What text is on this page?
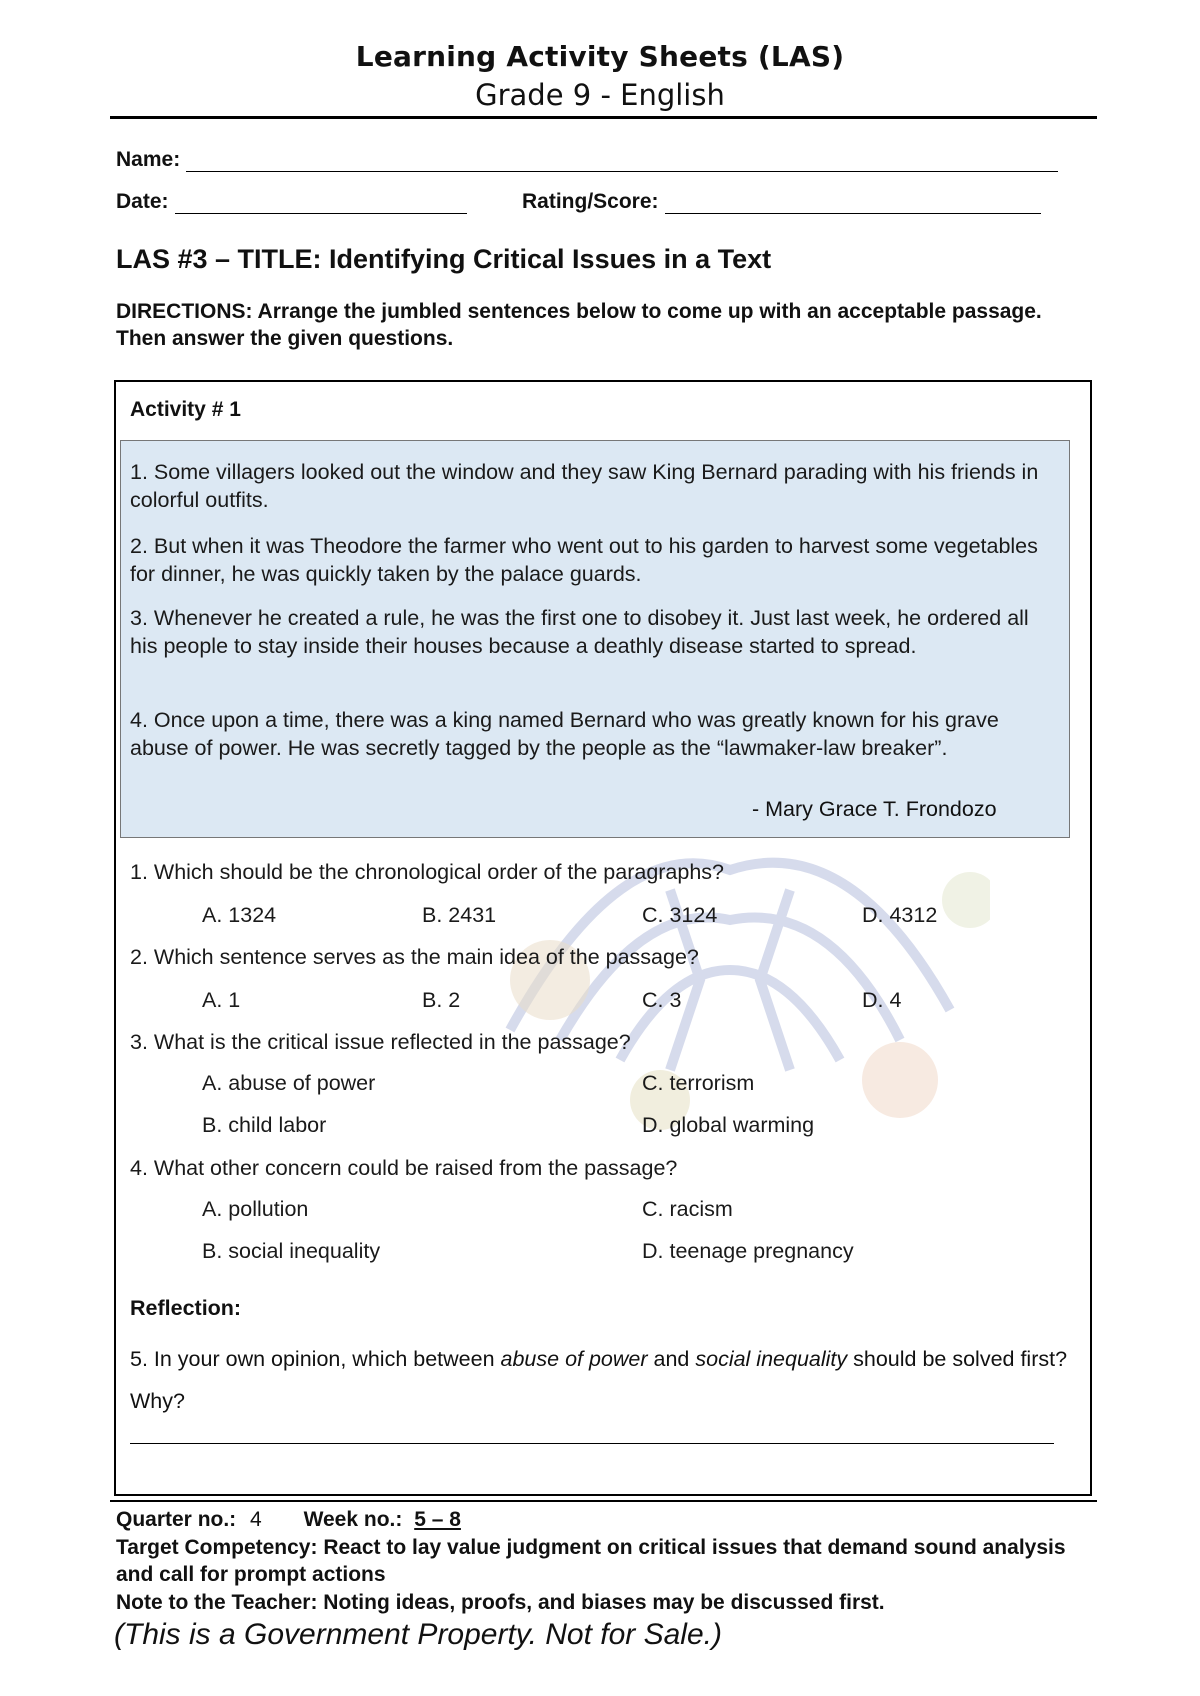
Learning Activity Sheets (LAS)
Grade 9 - English
Name:
Date:	Rating/Score:
LAS #3 – TITLE: Identifying Critical Issues in a Text
DIRECTIONS: Arrange the jumbled sentences below to come up with an acceptable passage. Then answer the given questions.
Activity # 1
1. Some villagers looked out the window and they saw King Bernard parading with his friends in colorful outfits.
2. But when it was Theodore the farmer who went out to his garden to harvest some vegetables for dinner, he was quickly taken by the palace guards.
3. Whenever he created a rule, he was the first one to disobey it. Just last week, he ordered all his people to stay inside their houses because a deathly disease started to spread.
4. Once upon a time, there was a king named Bernard who was greatly known for his grave abuse of power. He was secretly tagged by the people as the “lawmaker-law breaker”.
- Mary Grace T. Frondozo
1. Which should be the chronological order of the paragraphs?
A. 1324	B. 2431	C. 3124	D. 4312
2. Which sentence serves as the main idea of the passage?
A. 1	B. 2	C. 3	D. 4
3. What is the critical issue reflected in the passage?
A. abuse of power	C. terrorism
B. child labor	D. global warming
4. What other concern could be raised from the passage?
A. pollution	C. racism
B. social inequality	D. teenage pregnancy
Reflection:
5. In your own opinion, which between abuse of power and social inequality should be solved first? Why?
Quarter no.: 4 Week no.: 5 – 8
Target Competency: React to lay value judgment on critical issues that demand sound analysis and call for prompt actions
Note to the Teacher: Noting ideas, proofs, and biases may be discussed first.
(This is a Government Property. Not for Sale.)
